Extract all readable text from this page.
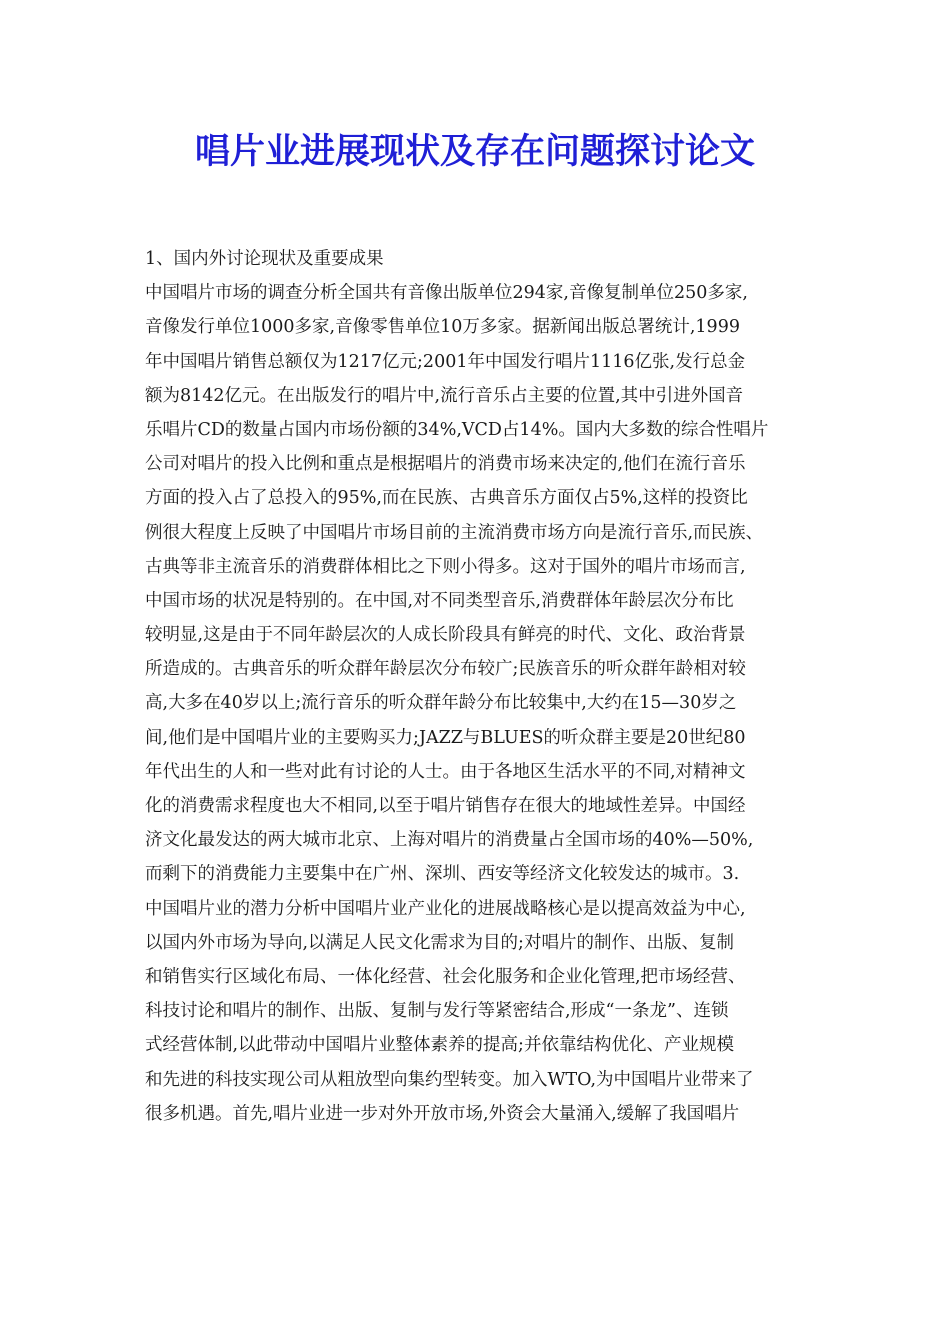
唱片业进展现状及存在问题探讨论文
1、国内外讨论现状及重要成果
中国唱片市场的调查分析全国共有音像出版单位294家,音像复制单位250多家,
音像发行单位1000多家,音像零售单位10万多家。据新闻出版总署统计,1999
年中国唱片销售总额仅为1217亿元;2001年中国发行唱片1116亿张,发行总金
额为8142亿元。在出版发行的唱片中,流行音乐占主要的位置,其中引进外国音
乐唱片CD的数量占国内市场份额的34%,VCD占14%。国内大多数的综合性唱片
公司对唱片的投入比例和重点是根据唱片的消费市场来决定的,他们在流行音乐
方面的投入占了总投入的95%,而在民族、古典音乐方面仅占5%,这样的投资比
例很大程度上反映了中国唱片市场目前的主流消费市场方向是流行音乐,而民族、
古典等非主流音乐的消费群体相比之下则小得多。这对于国外的唱片市场而言,
中国市场的状况是特别的。在中国,对不同类型音乐,消费群体年龄层次分布比
较明显,这是由于不同年龄层次的人成长阶段具有鲜亮的时代、文化、政治背景
所造成的。古典音乐的听众群年龄层次分布较广;民族音乐的听众群年龄相对较
高,大多在40岁以上;流行音乐的听众群年龄分布比较集中,大约在15—30岁之
间,他们是中国唱片业的主要购买力;JAZZ与BLUES的听众群主要是20世纪80
年代出生的人和一些对此有讨论的人士。由于各地区生活水平的不同,对精神文
化的消费需求程度也大不相同,以至于唱片销售存在很大的地域性差异。中国经
济文化最发达的两大城市北京、上海对唱片的消费量占全国市场的40%—50%,
而剩下的消费能力主要集中在广州、深圳、西安等经济文化较发达的城市。3.
中国唱片业的潜力分析中国唱片业产业化的进展战略核心是以提高效益为中心,
以国内外市场为导向,以满足人民文化需求为目的;对唱片的制作、出版、复制
和销售实行区域化布局、一体化经营、社会化服务和企业化管理,把市场经营、
科技讨论和唱片的制作、出版、复制与发行等紧密结合,形成“一条龙”、连锁
式经营体制,以此带动中国唱片业整体素养的提高;并依靠结构优化、产业规模
和先进的科技实现公司从粗放型向集约型转变。加入WTO,为中国唱片业带来了
很多机遇。首先,唱片业进一步对外开放市场,外资会大量涌入,缓解了我国唱片
